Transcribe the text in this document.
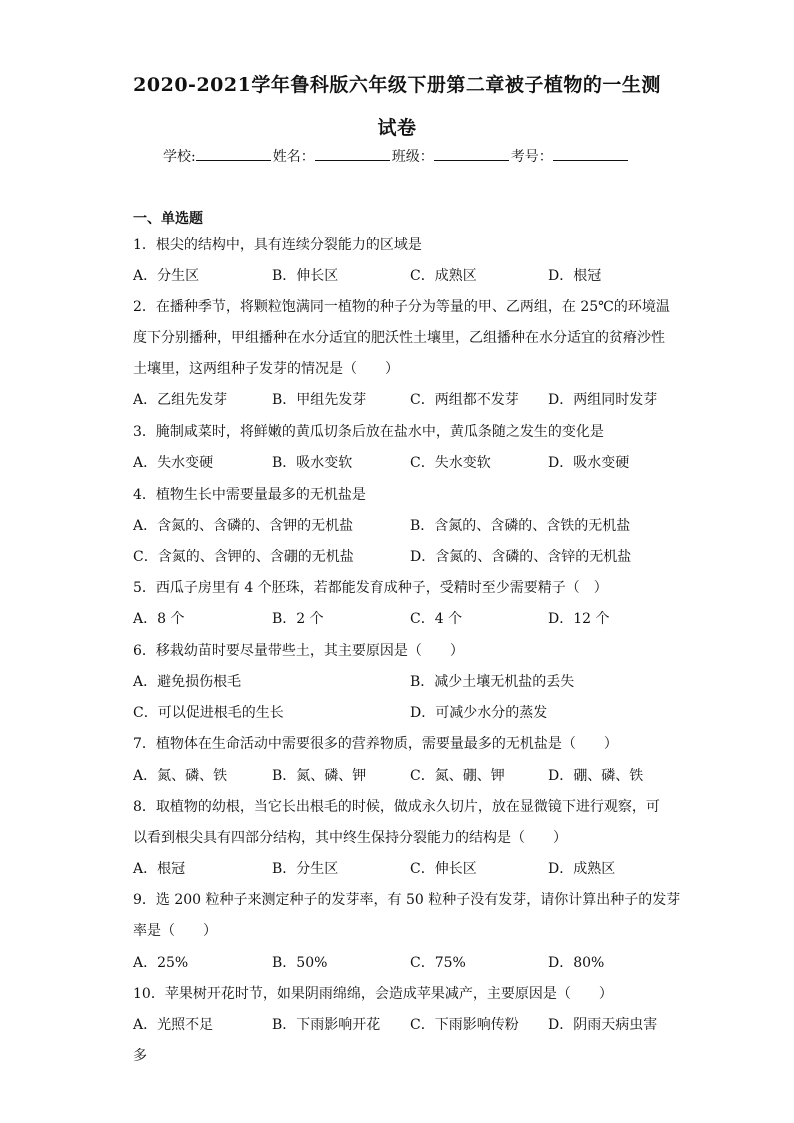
2020-2021学年鲁科版六年级下册第二章被子植物的一生测
试卷
学校:	姓名：	班级：	考号：
一、单选题
1．根尖的结构中，具有连续分裂能力的区域是
A．分生区	B．伸长区	C．成熟区	D．根冠
2．在播种季节，将颗粒饱满同一植物的种子分为等量的甲、乙两组，在 25℃的环境温
度下分别播种，甲组播种在水分适宜的肥沃性土壤里，乙组播种在水分适宜的贫瘠沙性
土壤里，这两组种子发芽的情况是（　　）
A．乙组先发芽	B．甲组先发芽	C．两组都不发芽 D．两组同时发芽
3．腌制咸菜时，将鲜嫩的黄瓜切条后放在盐水中，黄瓜条随之发生的变化是
A．失水变硬	B．吸水变软	C．失水变软	D．吸水变硬
4．植物生长中需要量最多的无机盐是
A．含氮的、含磷的、含钾的无机盐	B．含氮的、含磷的、含铁的无机盐
C．含氮的、含钾的、含硼的无机盐	D．含氮的、含磷的、含锌的无机盐
5．西瓜子房里有 4 个胚珠，若都能发育成种子，受精时至少需要精子（　）
A．8 个	B．2 个	C．4 个	D．12 个
6．移栽幼苗时要尽量带些土，其主要原因是（　　）
A．避免损伤根毛	B．减少土壤无机盐的丢失
C．可以促进根毛的生长	D．可减少水分的蒸发
7．植物体在生命活动中需要很多的营养物质，需要量最多的无机盐是（　　）
A．氮、磷、铁	B．氮、磷、钾	C．氮、硼、钾	D．硼、磷、铁
8．取植物的幼根，当它长出根毛的时候，做成永久切片，放在显微镜下进行观察，可
以看到根尖具有四部分结构，其中终生保持分裂能力的结构是（　　）
A．根冠	B．分生区	C．伸长区	D．成熟区
9．选 200 粒种子来测定种子的发芽率，有 50 粒种子没有发芽，请你计算出种子的发芽
率是（　　）
A．25%	B．50%	C．75%	D．80%
10．苹果树开花时节，如果阴雨绵绵，会造成苹果减产，主要原因是（　　）
A．光照不足	B．下雨影响开花 C．下雨影响传粉 D．阴雨天病虫害
多
